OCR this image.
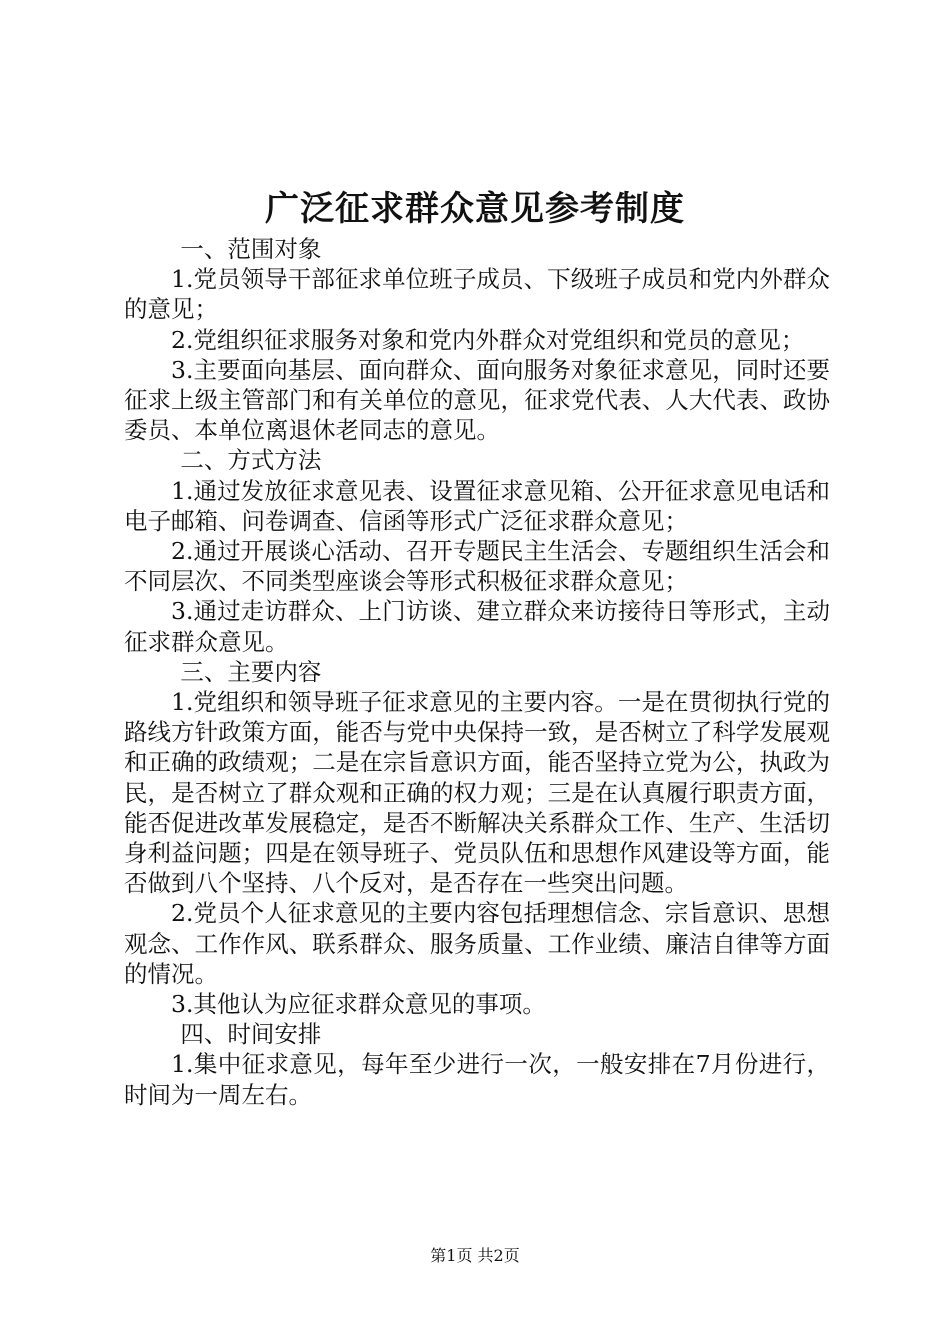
广泛征求群众意见参考制度

一、范围对象

1.党员领导干部征求单位班子成员、下级班子成员和党内外群众的意见；

2.党组织征求服务对象和党内外群众对党组织和党员的意见；

3.主要面向基层、面向群众、面向服务对象征求意见，同时还要征求上级主管部门和有关单位的意见，征求党代表、人大代表、政协委员、本单位离退休老同志的意见。

二、方式方法

1.通过发放征求意见表、设置征求意见箱、公开征求意见电话和电子邮箱、问卷调查、信函等形式广泛征求群众意见；

2.通过开展谈心活动、召开专题民主生活会、专题组织生活会和不同层次、不同类型座谈会等形式积极征求群众意见；

3.通过走访群众、上门访谈、建立群众来访接待日等形式，主动征求群众意见。

三、主要内容

1.党组织和领导班子征求意见的主要内容。一是在贯彻执行党的路线方针政策方面，能否与党中央保持一致，是否树立了科学发展观和正确的政绩观；二是在宗旨意识方面，能否坚持立党为公，执政为民，是否树立了群众观和正确的权力观；三是在认真履行职责方面，能否促进改革发展稳定，是否不断解决关系群众工作、生产、生活切身利益问题；四是在领导班子、党员队伍和思想作风建设等方面，能否做到八个坚持、八个反对，是否存在一些突出问题。

2.党员个人征求意见的主要内容包括理想信念、宗旨意识、思想观念、工作作风、联系群众、服务质量、工作业绩、廉洁自律等方面的情况。

3.其他认为应征求群众意见的事项。

四、时间安排

1.集中征求意见，每年至少进行一次，一般安排在7月份进行，时间为一周左右。

第1页 共2页
